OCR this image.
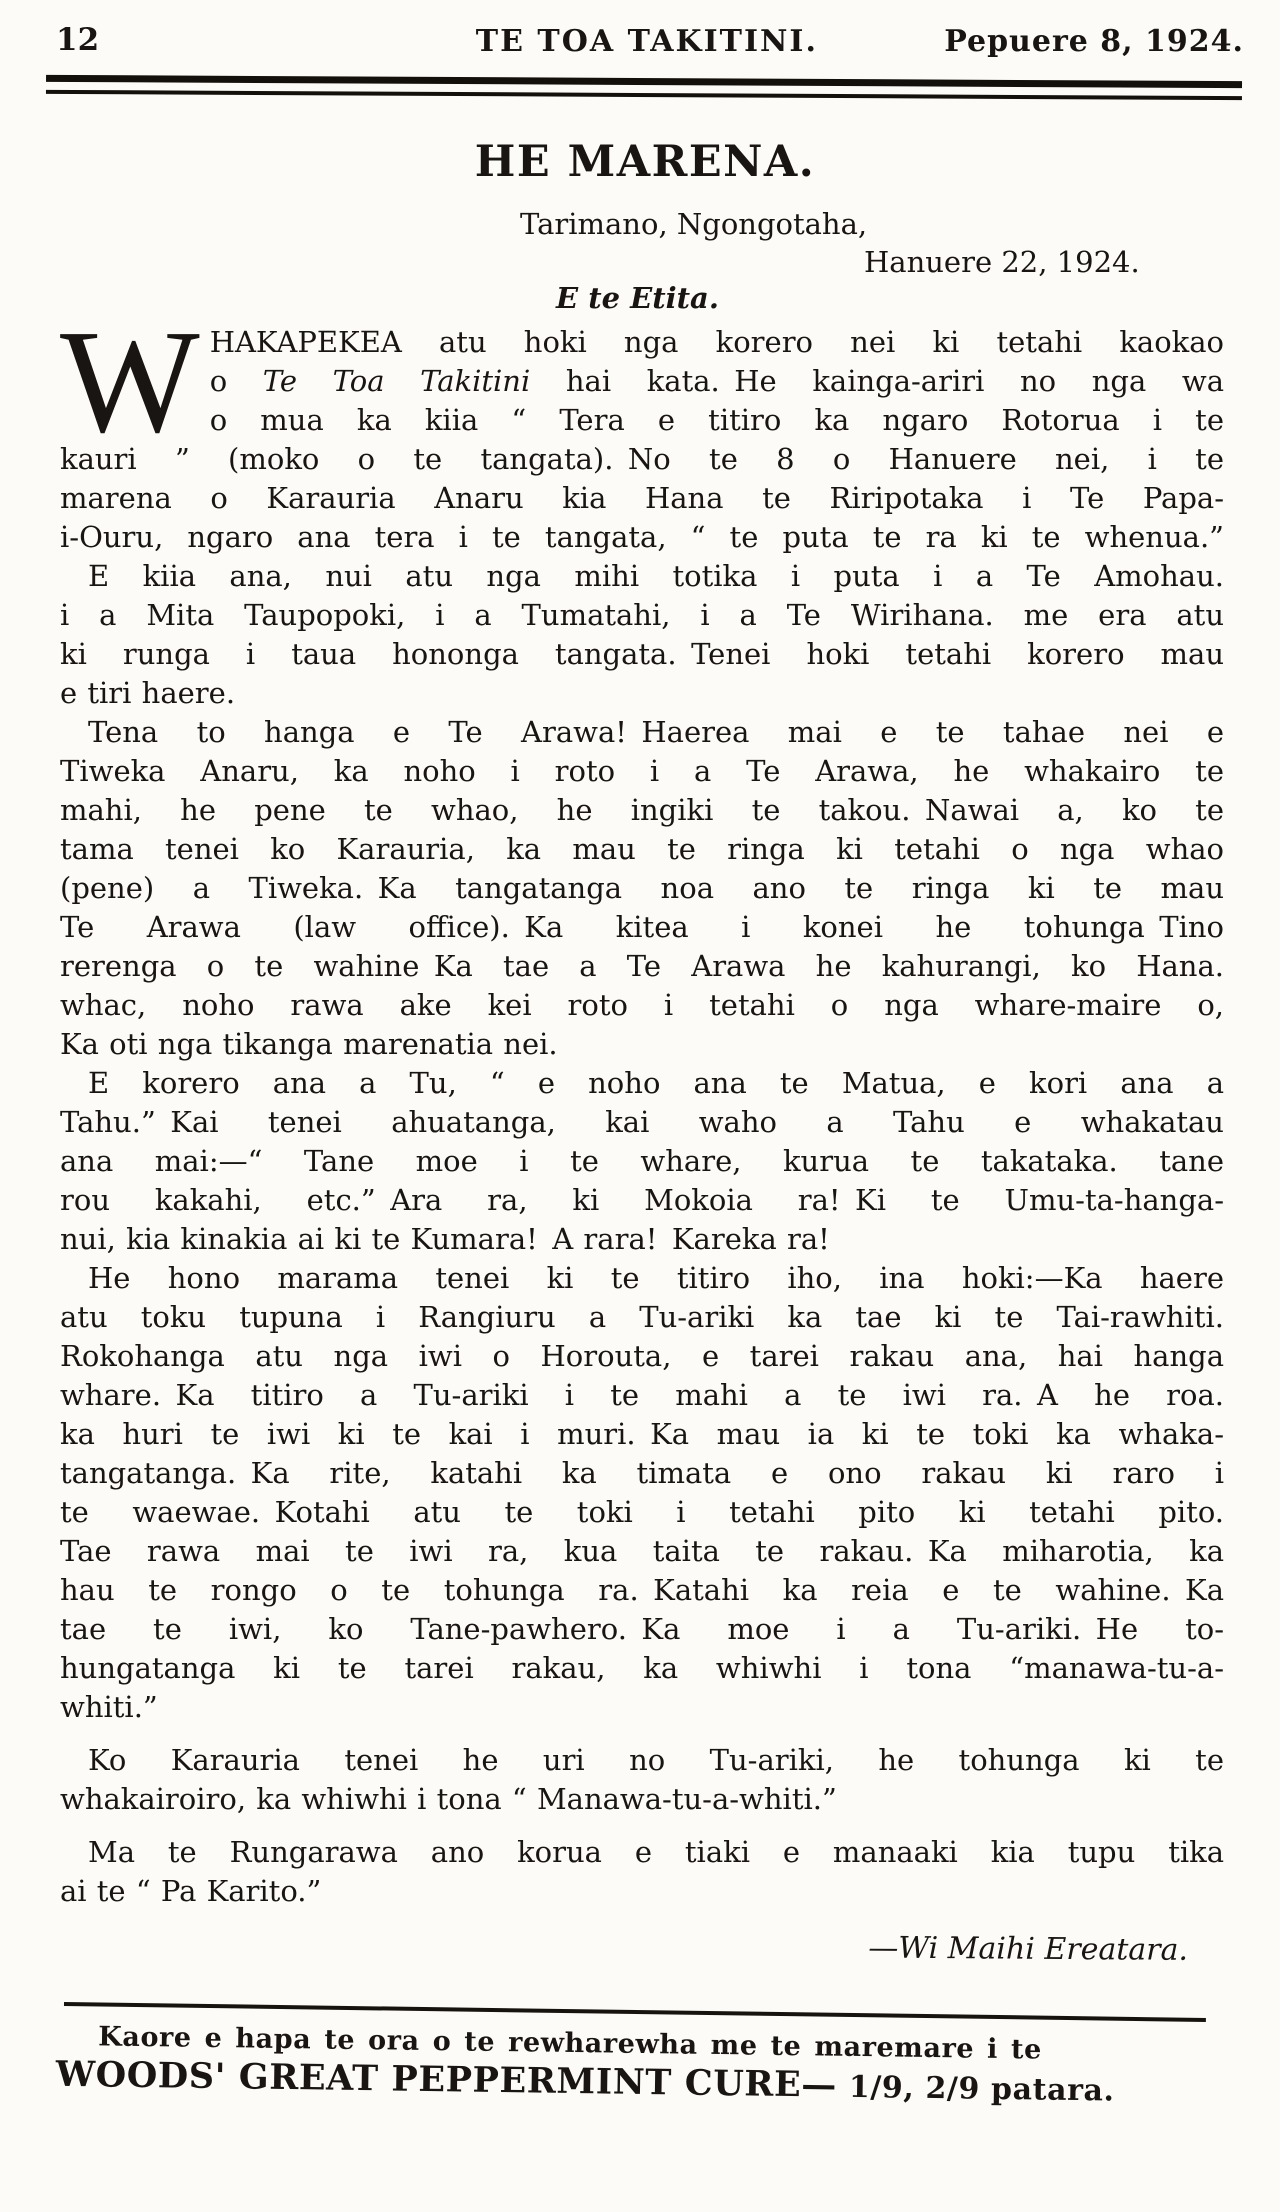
12	TE TOA TAKITINI.	Pepuere 8, 1924.
HE MARENA.
Tarimano, Ngongotaha,
Hanuere 22, 1924.
E te Etita.
W HAKAPEKEA atu hoki nga korero nei ki tetahi kaokao
o Te Toa Takitini hai kata. He kainga-ariri no nga wa
o mua ka kiia “ Tera e titiro ka ngaro Rotorua i te
kauri ” (moko o te tangata). No te 8 o Hanuere nei, i te
marena o Karauria Anaru kia Hana te Riripotaka i Te Papa-
i-Ouru, ngaro ana tera i te tangata, “ te puta te ra ki te whenua.”
E kiia ana, nui atu nga mihi totika i puta i a Te Amohau.
i a Mita Taupopoki, i a Tumatahi, i a Te Wirihana. me era atu
ki runga i taua hononga tangata. Tenei hoki tetahi korero mau
e tiri haere.
Tena to hanga e Te Arawa! Haerea mai e te tahae nei e
Tiweka Anaru, ka noho i roto i a Te Arawa, he whakairo te
mahi, he pene te whao, he ingiki te takou. Nawai a, ko te
tama tenei ko Karauria, ka mau te ringa ki tetahi o nga whao
(pene) a Tiweka. Ka tangatanga noa ano te ringa ki te mau
Te Arawa (law office). Ka kitea i konei he tohunga Tino
rerenga o te wahine Ka tae a Te Arawa he kahurangi, ko Hana.
whac, noho rawa ake kei roto i tetahi o nga whare-maire o,
Ka oti nga tikanga marenatia nei.
E korero ana a Tu, “ e noho ana te Matua, e kori ana a
Tahu.” Kai tenei ahuatanga, kai waho a Tahu e whakatau
ana mai:—“ Tane moe i te whare, kurua te takataka. tane
rou kakahi, etc.” Ara ra, ki Mokoia ra! Ki te Umu-ta-hanga-
nui, kia kinakia ai ki te Kumara! A rara! Kareka ra!
He hono marama tenei ki te titiro iho, ina hoki:—Ka haere
atu toku tupuna i Rangiuru a Tu-ariki ka tae ki te Tai-rawhiti.
Rokohanga atu nga iwi o Horouta, e tarei rakau ana, hai hanga
whare. Ka titiro a Tu-ariki i te mahi a te iwi ra. A he roa.
ka huri te iwi ki te kai i muri. Ka mau ia ki te toki ka whaka-
tangatanga. Ka rite, katahi ka timata e ono rakau ki raro i
te waewae. Kotahi atu te toki i tetahi pito ki tetahi pito.
Tae rawa mai te iwi ra, kua taita te rakau. Ka miharotia, ka
hau te rongo o te tohunga ra. Katahi ka reia e te wahine. Ka
tae te iwi, ko Tane-pawhero. Ka moe i a Tu-ariki. He to-
hungatanga ki te tarei rakau, ka whiwhi i tona “manawa-tu-a-
whiti.”
Ko Karauria tenei he uri no Tu-ariki, he tohunga ki te
whakairoiro, ka whiwhi i tona “ Manawa-tu-a-whiti.”
Ma te Rungarawa ano korua e tiaki e manaaki kia tupu tika
ai te “ Pa Karito.”
—Wi Maihi Ereatara.
Kaore e hapa te ora o te rewharewha me te maremare i te
WOODS' GREAT PEPPERMINT CURE— 1/9, 2/9 patara.
